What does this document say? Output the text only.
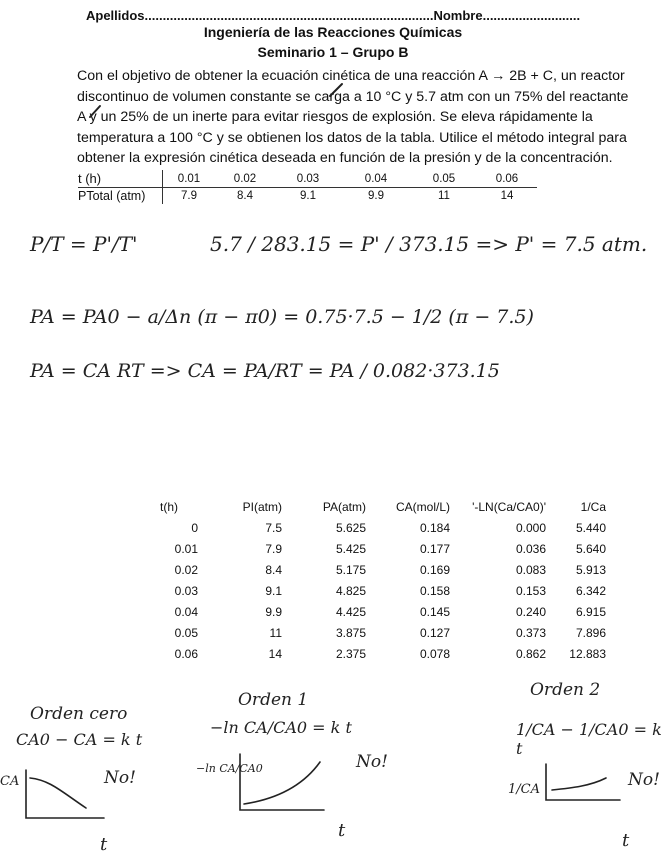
Apellidos................................................................................Nombre...........................
Ingeniería de las Reacciones Químicas
Seminario 1 – Grupo B

Con el objetivo de obtener la ecuación cinética de una reacción A → 2B + C, un reactor

discontinuo de volumen constante se carga a 10 °C y 5.7 atm con un 75% del reactante

A y un 25% de un inerte para evitar riesgos de explosión. Se eleva rápidamente la

temperatura a 100 °C y se obtienen los datos de la tabla. Utilice el método integral para

obtener la expresión cinética deseada en función de la presión y de la concentración.

t (h)	0.01	0.02	0.03	0.04	0.05	0.06
PTotal (atm)	7.9	8.4	9.1	9.9	11	14
P/T = P'/T'	5.7 / 283.15 = P' / 373.15 => P' = 7.5 atm.
PA = PA0 − a/Δn (π − π0) = 0.75·7.5 − 1/2 (π − 7.5)
PA = CA RT => CA = PA/RT = PA / 0.082·373.15
t(h)	PI(atm)	PA(atm)	CA(mol/L)	'-LN(Ca/CA0)'	1/Ca
0	7.5	5.625	0.184	0.000	5.440
0.01	7.9	5.425	0.177	0.036	5.640
0.02	8.4	5.175	0.169	0.083	5.913
0.03	9.1	4.825	0.158	0.153	6.342
0.04	9.9	4.425	0.145	0.240	6.915
0.05	11	3.875	0.127	0.373	7.896
0.06	14	2.375	0.078	0.862	12.883
Orden cero
CA0 − CA = k t
No!
CA
t
Orden 1
−ln CA/CA0 = k t
No!
−ln CA/CA0
t
Orden 2
1/CA − 1/CA0 = k t
No!
1/CA
t
